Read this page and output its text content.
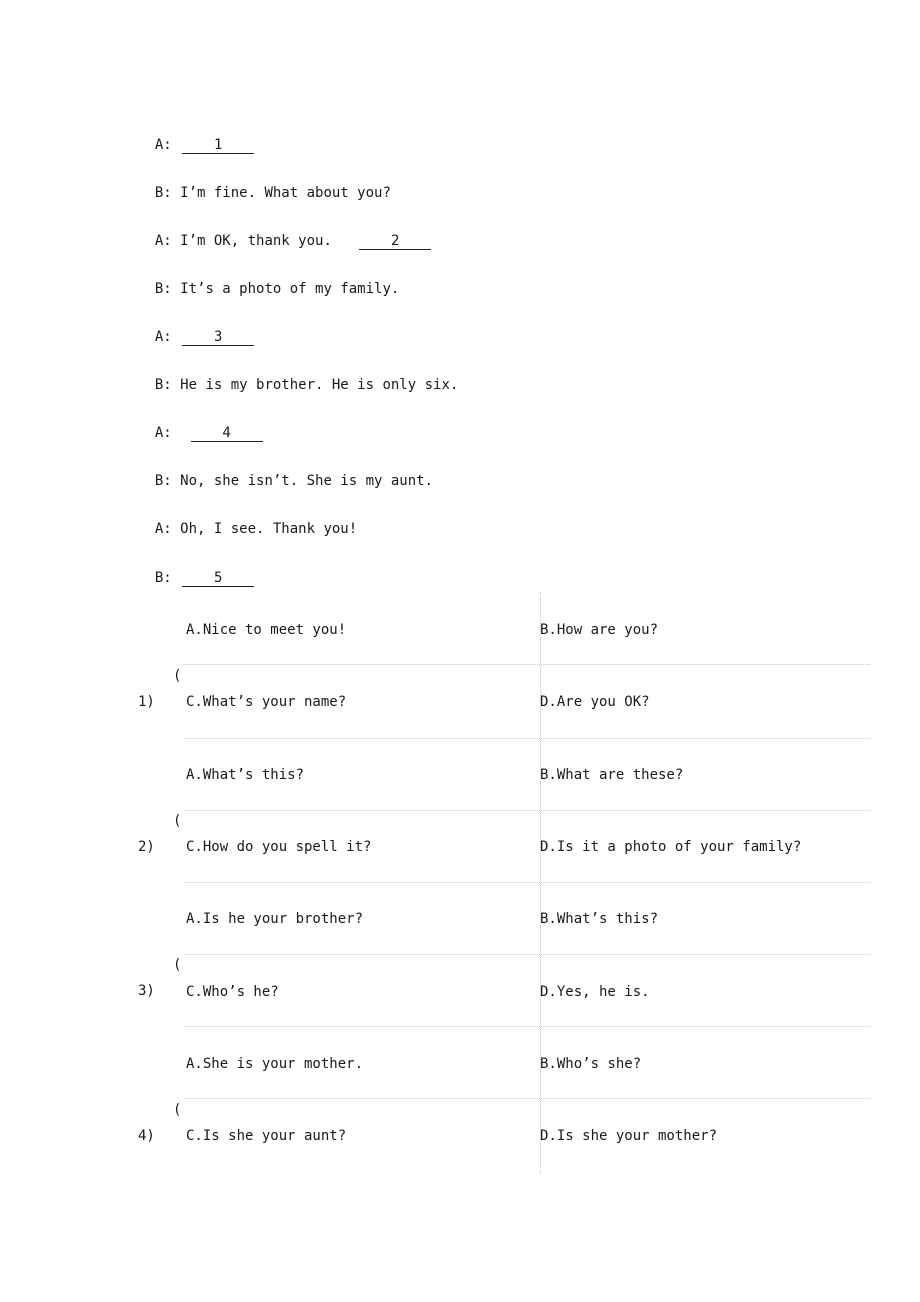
A:	1

B: I’m fine. What about you?

A: I’m OK, thank you.	2

B: It’s a photo of my family.

A:	3

B: He is my brother. He is only six.

A:	4

B: No, she isn’t. She is my aunt.

A: Oh, I see. Thank you!

B:	5

A.Nice to meet you!	B.How are you?
(
1) C.What’s your name?	D.Are you OK?
A.What’s this?	B.What are these?
(
2) C.How do you spell it?	D.Is it a photo of your family?
A.Is he your brother?	B.What’s this?
(
3) C.Who’s he?	D.Yes, he is.
A.She is your mother.	B.Who’s she?
(
4) C.Is she your aunt?	D.Is she your mother?
